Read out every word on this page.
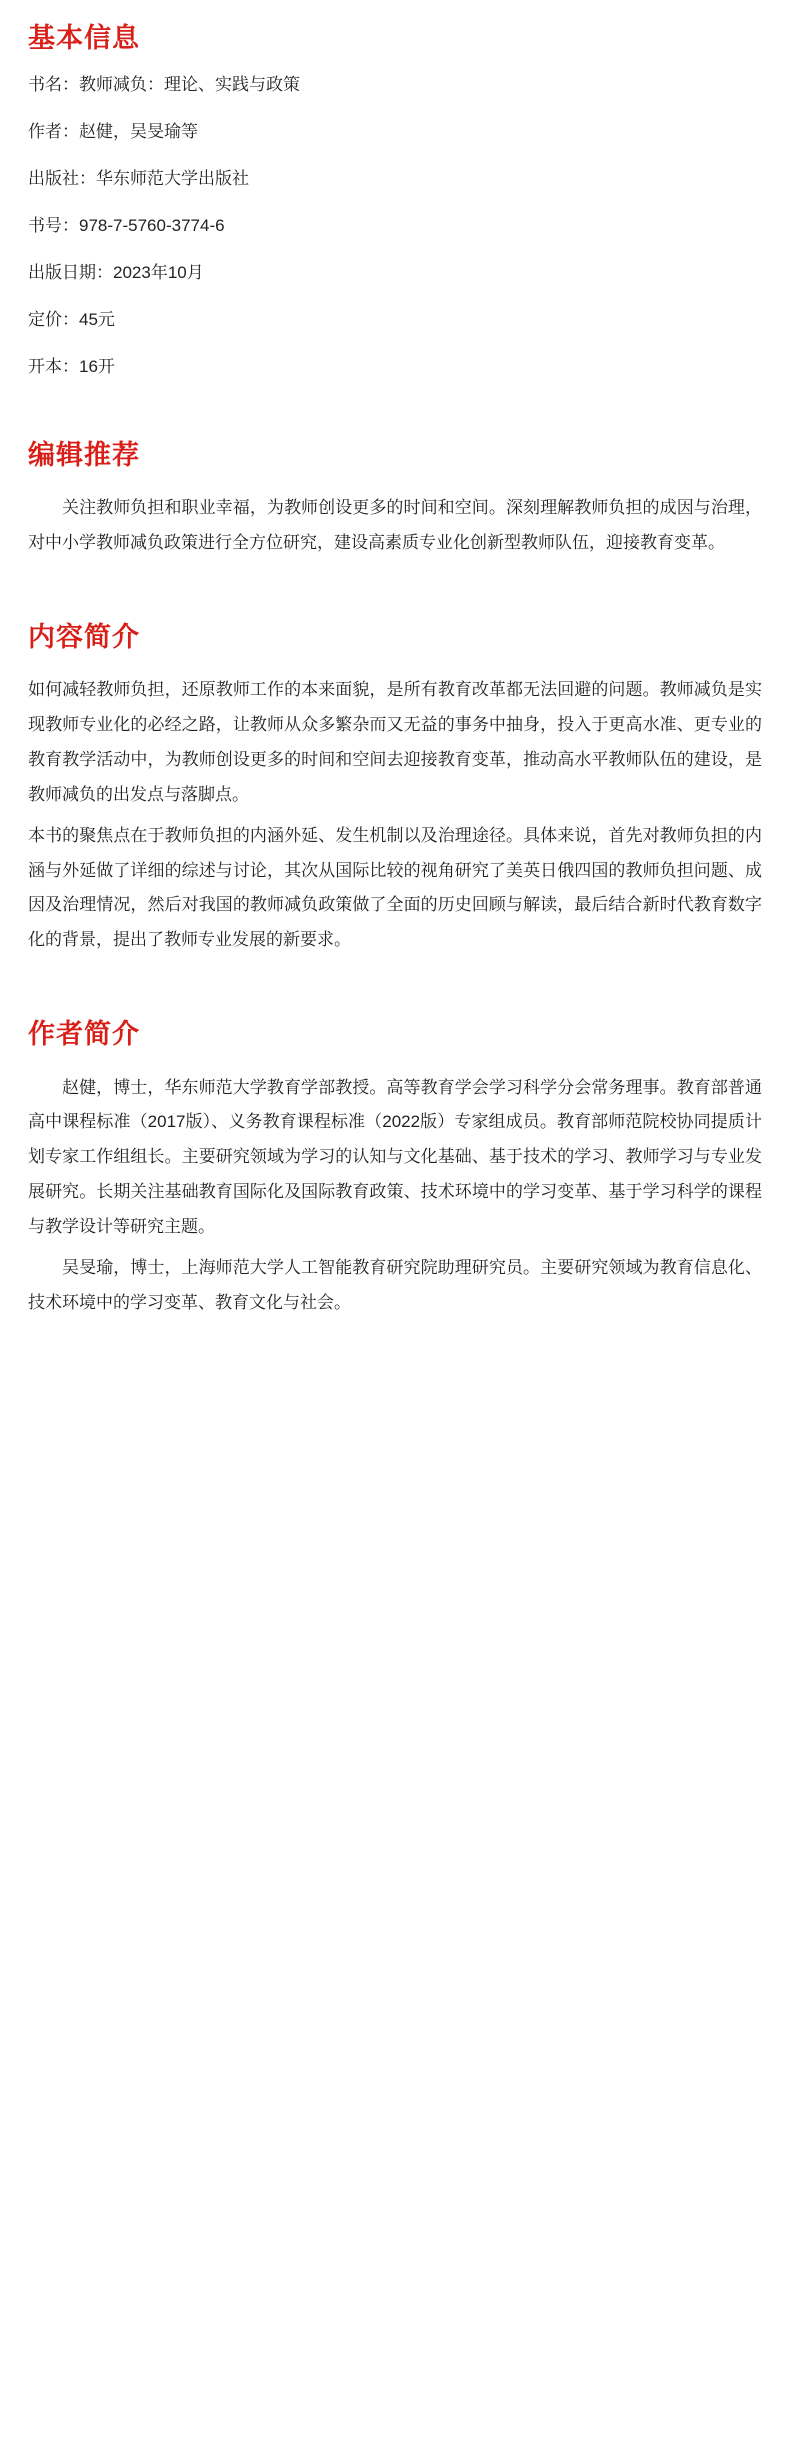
基本信息
书名：教师减负：理论、实践与政策
作者：赵健，吴旻瑜等
出版社：华东师范大学出版社
书号：978-7-5760-3774-6
出版日期：2023年10月
定价：45元
开本：16开
编辑推荐

关注教师负担和职业幸福，为教师创设更多的时间和空间。深刻理解教师负担的成因与治理，对中小学教师减负政策进行全方位研究，建设高素质专业化创新型教师队伍，迎接教育变革。

内容简介

如何减轻教师负担，还原教师工作的本来面貌，是所有教育改革都无法回避的问题。教师减负是实现教师专业化的必经之路，让教师从众多繁杂而又无益的事务中抽身，投入于更高水准、更专业的教育教学活动中，为教师创设更多的时间和空间去迎接教育变革，推动高水平教师队伍的建设，是教师减负的出发点与落脚点。

本书的聚焦点在于教师负担的内涵外延、发生机制以及治理途径。具体来说，首先对教师负担的内涵与外延做了详细的综述与讨论，其次从国际比较的视角研究了美英日俄四国的教师负担问题、成因及治理情况，然后对我国的教师减负政策做了全面的历史回顾与解读，最后结合新时代教育数字化的背景，提出了教师专业发展的新要求。

作者简介

赵健，博士，华东师范大学教育学部教授。高等教育学会学习科学分会常务理事。教育部普通高中课程标准（2017版）、义务教育课程标准（2022版）专家组成员。教育部师范院校协同提质计划专家工作组组长。主要研究领域为学习的认知与文化基础、基于技术的学习、教师学习与专业发展研究。长期关注基础教育国际化及国际教育政策、技术环境中的学习变革、基于学习科学的课程与教学设计等研究主题。

吴旻瑜，博士，上海师范大学人工智能教育研究院助理研究员。主要研究领域为教育信息化、技术环境中的学习变革、教育文化与社会。
